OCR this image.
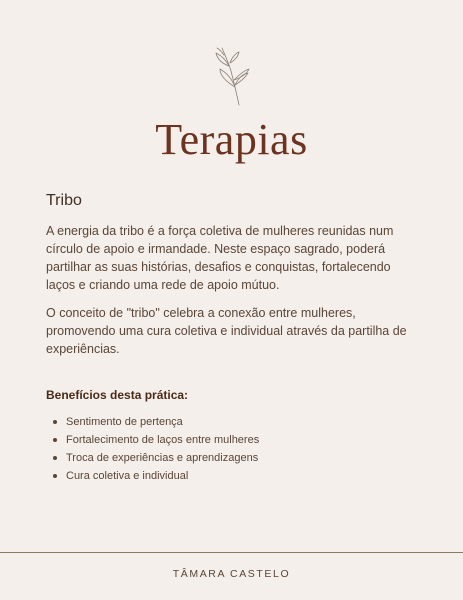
Terapias
Tribo
A energia da tribo é a força coletiva de mulheres reunidas num círculo de apoio e irmandade. Neste espaço sagrado, poderá partilhar as suas histórias, desafios e conquistas, fortalecendo laços e criando uma rede de apoio mútuo.
O conceito de "tribo" celebra a conexão entre mulheres, promovendo uma cura coletiva e individual através da partilha de experiências.
Benefícios desta prática:
Sentimento de pertença
Fortalecimento de laços entre mulheres
Troca de experiências e aprendizagens
Cura coletiva e individual
TÂMARA CASTELO
